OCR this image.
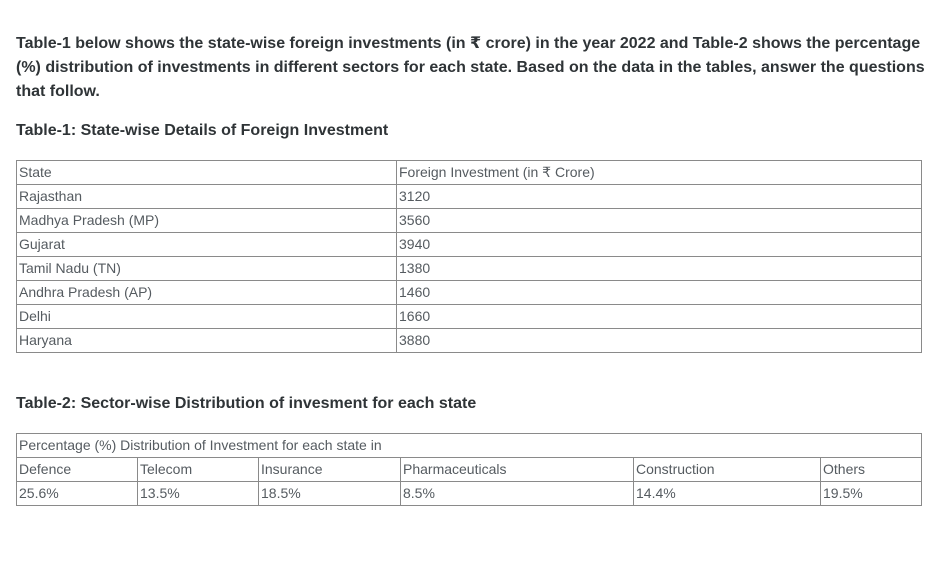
Table-1 below shows the state-wise foreign investments (in ₹ crore) in the year 2022 and Table-2 shows the percentage (%) distribution of investments in different sectors for each state. Based on the data in the tables, answer the questions that follow.

Table-1: State-wise Details of Foreign Investment
State	Foreign Investment (in ₹ Crore)
Rajasthan	3120
Madhya Pradesh (MP)	3560
Gujarat	3940
Tamil Nadu (TN)	1380
Andhra Pradesh (AP)	1460
Delhi	1660
Haryana	3880
Table-2: Sector-wise Distribution of invesment for each state
Percentage (%) Distribution of Investment for each state in					
Defence	Telecom	Insurance	Pharmaceuticals	Construction	Others
25.6%	13.5%	18.5%	8.5%	14.4%	19.5%
